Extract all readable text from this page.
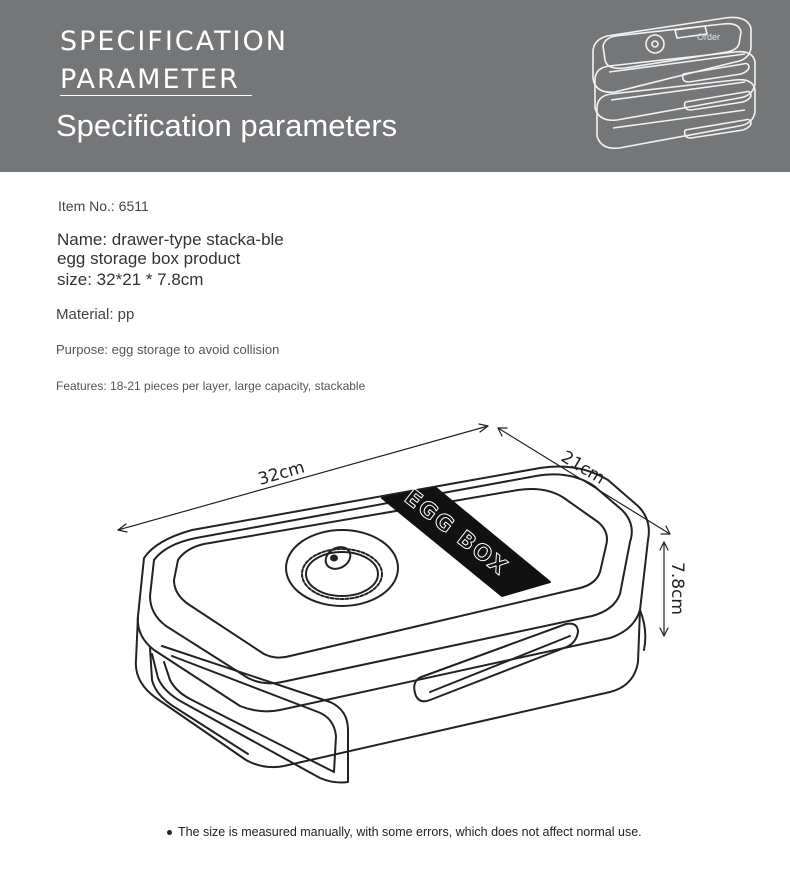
SPECIFICATION
PARAMETER
Specification parameters
Order
Item No.: 6511
Name: drawer-type stacka-ble egg storage box product
size: 32*21 * 7.8cm
Material: pp
Purpose: egg storage to avoid collision
Features: 18-21 pieces per layer, large capacity, stackable
32cm	21cm
7.8cm
EGG BOX
The size is measured manually, with some errors, which does not affect normal use.
